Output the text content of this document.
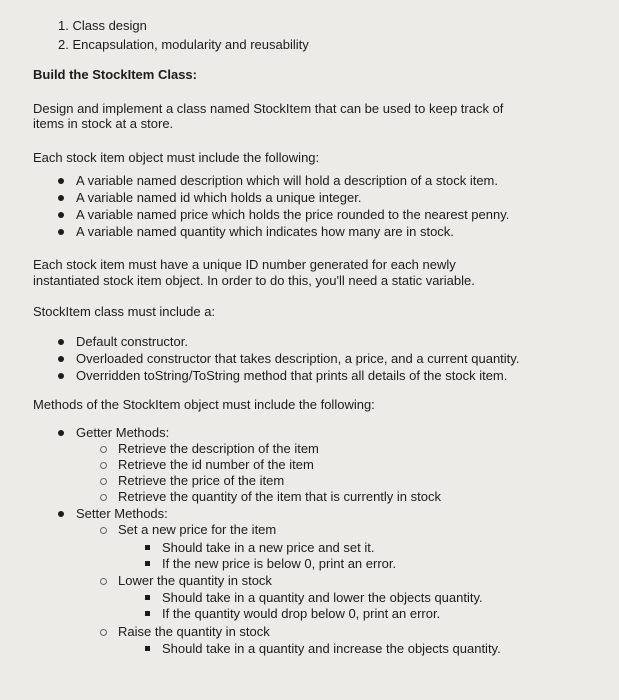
1. Class design
2. Encapsulation, modularity and reusability
Build the StockItem Class:
Design and implement a class named StockItem that can be used to keep track of
items in stock at a store.
Each stock item object must include the following:
A variable named description which will hold a description of a stock item.
A variable named id which holds a unique integer.
A variable named price which holds the price rounded to the nearest penny.
A variable named quantity which indicates how many are in stock.
Each stock item must have a unique ID number generated for each newly
instantiated stock item object. In order to do this, you'll need a static variable.
StockItem class must include a:
Default constructor.
Overloaded constructor that takes description, a price, and a current quantity.
Overridden toString/ToString method that prints all details of the stock item.
Methods of the StockItem object must include the following:
Getter Methods:
Retrieve the description of the item
Retrieve the id number of the item
Retrieve the price of the item
Retrieve the quantity of the item that is currently in stock
Setter Methods:
Set a new price for the item
Should take in a new price and set it.
If the new price is below 0, print an error.
Lower the quantity in stock
Should take in a quantity and lower the objects quantity.
If the quantity would drop below 0, print an error.
Raise the quantity in stock
Should take in a quantity and increase the objects quantity.
